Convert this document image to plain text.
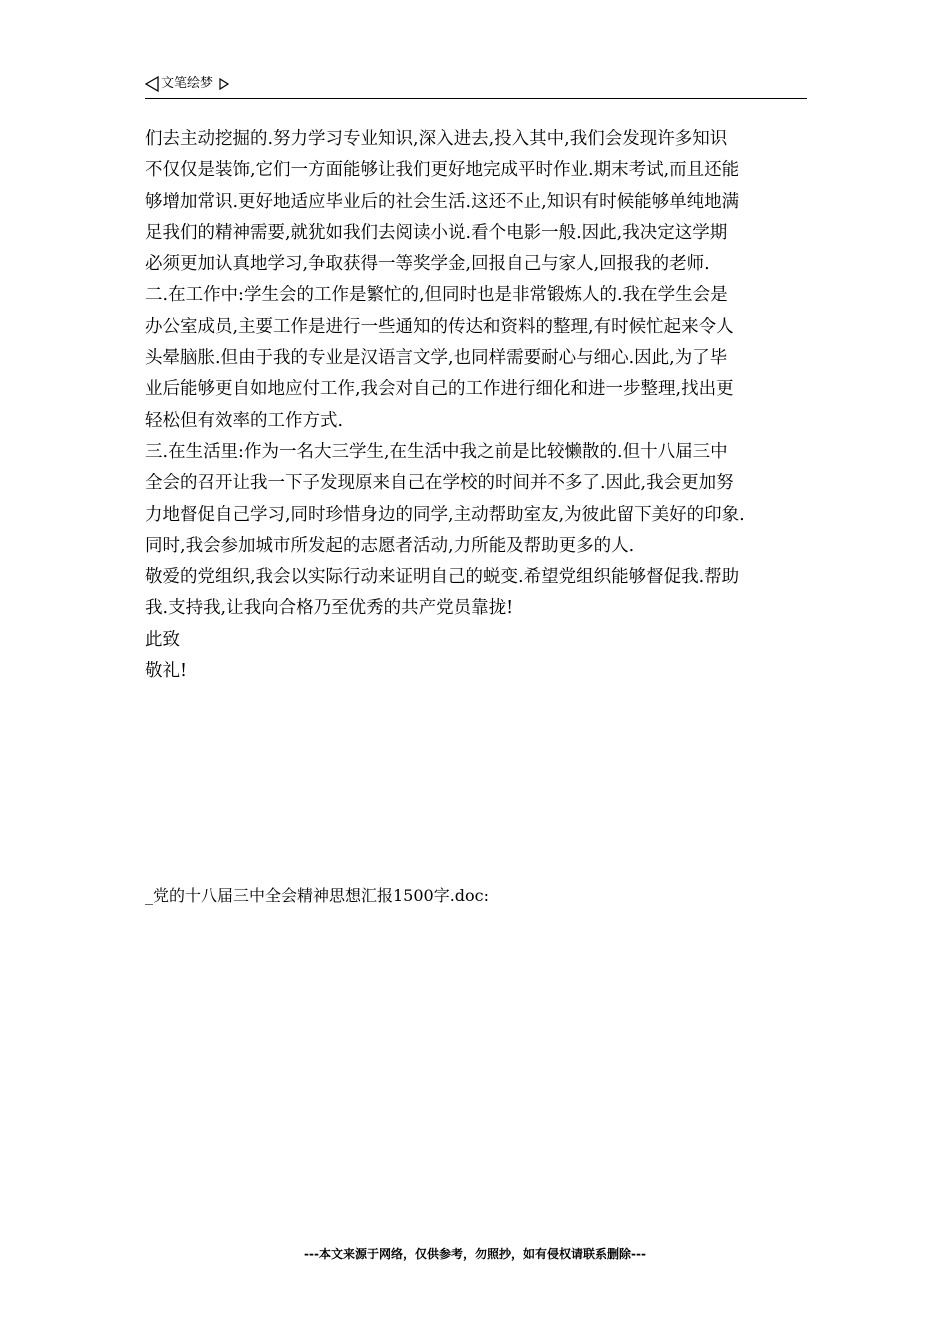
文笔绘梦
们去主动挖掘的.努力学习专业知识,深入进去,投入其中,我们会发现许多知识
不仅仅是装饰,它们一方面能够让我们更好地完成平时作业.期末考试,而且还能
够增加常识.更好地适应毕业后的社会生活.这还不止,知识有时候能够单纯地满
足我们的精神需要,就犹如我们去阅读小说.看个电影一般.因此,我决定这学期
必须更加认真地学习,争取获得一等奖学金,回报自己与家人,回报我的老师.
二.在工作中:学生会的工作是繁忙的,但同时也是非常锻炼人的.我在学生会是
办公室成员,主要工作是进行一些通知的传达和资料的整理,有时候忙起来令人
头晕脑胀.但由于我的专业是汉语言文学,也同样需要耐心与细心.因此,为了毕
业后能够更自如地应付工作,我会对自己的工作进行细化和进一步整理,找出更
轻松但有效率的工作方式.
三.在生活里:作为一名大三学生,在生活中我之前是比较懒散的.但十八届三中
全会的召开让我一下子发现原来自己在学校的时间并不多了.因此,我会更加努
力地督促自己学习,同时珍惜身边的同学,主动帮助室友,为彼此留下美好的印象.
同时,我会参加城市所发起的志愿者活动,力所能及帮助更多的人.
敬爱的党组织,我会以实际行动来证明自己的蜕变.希望党组织能够督促我.帮助
我.支持我,让我向合格乃至优秀的共产党员靠拢!
此致
敬礼!
_党的十八届三中全会精神思想汇报1500字.doc:
---本文来源于网络，仅供参考，勿照抄，如有侵权请联系删除---
